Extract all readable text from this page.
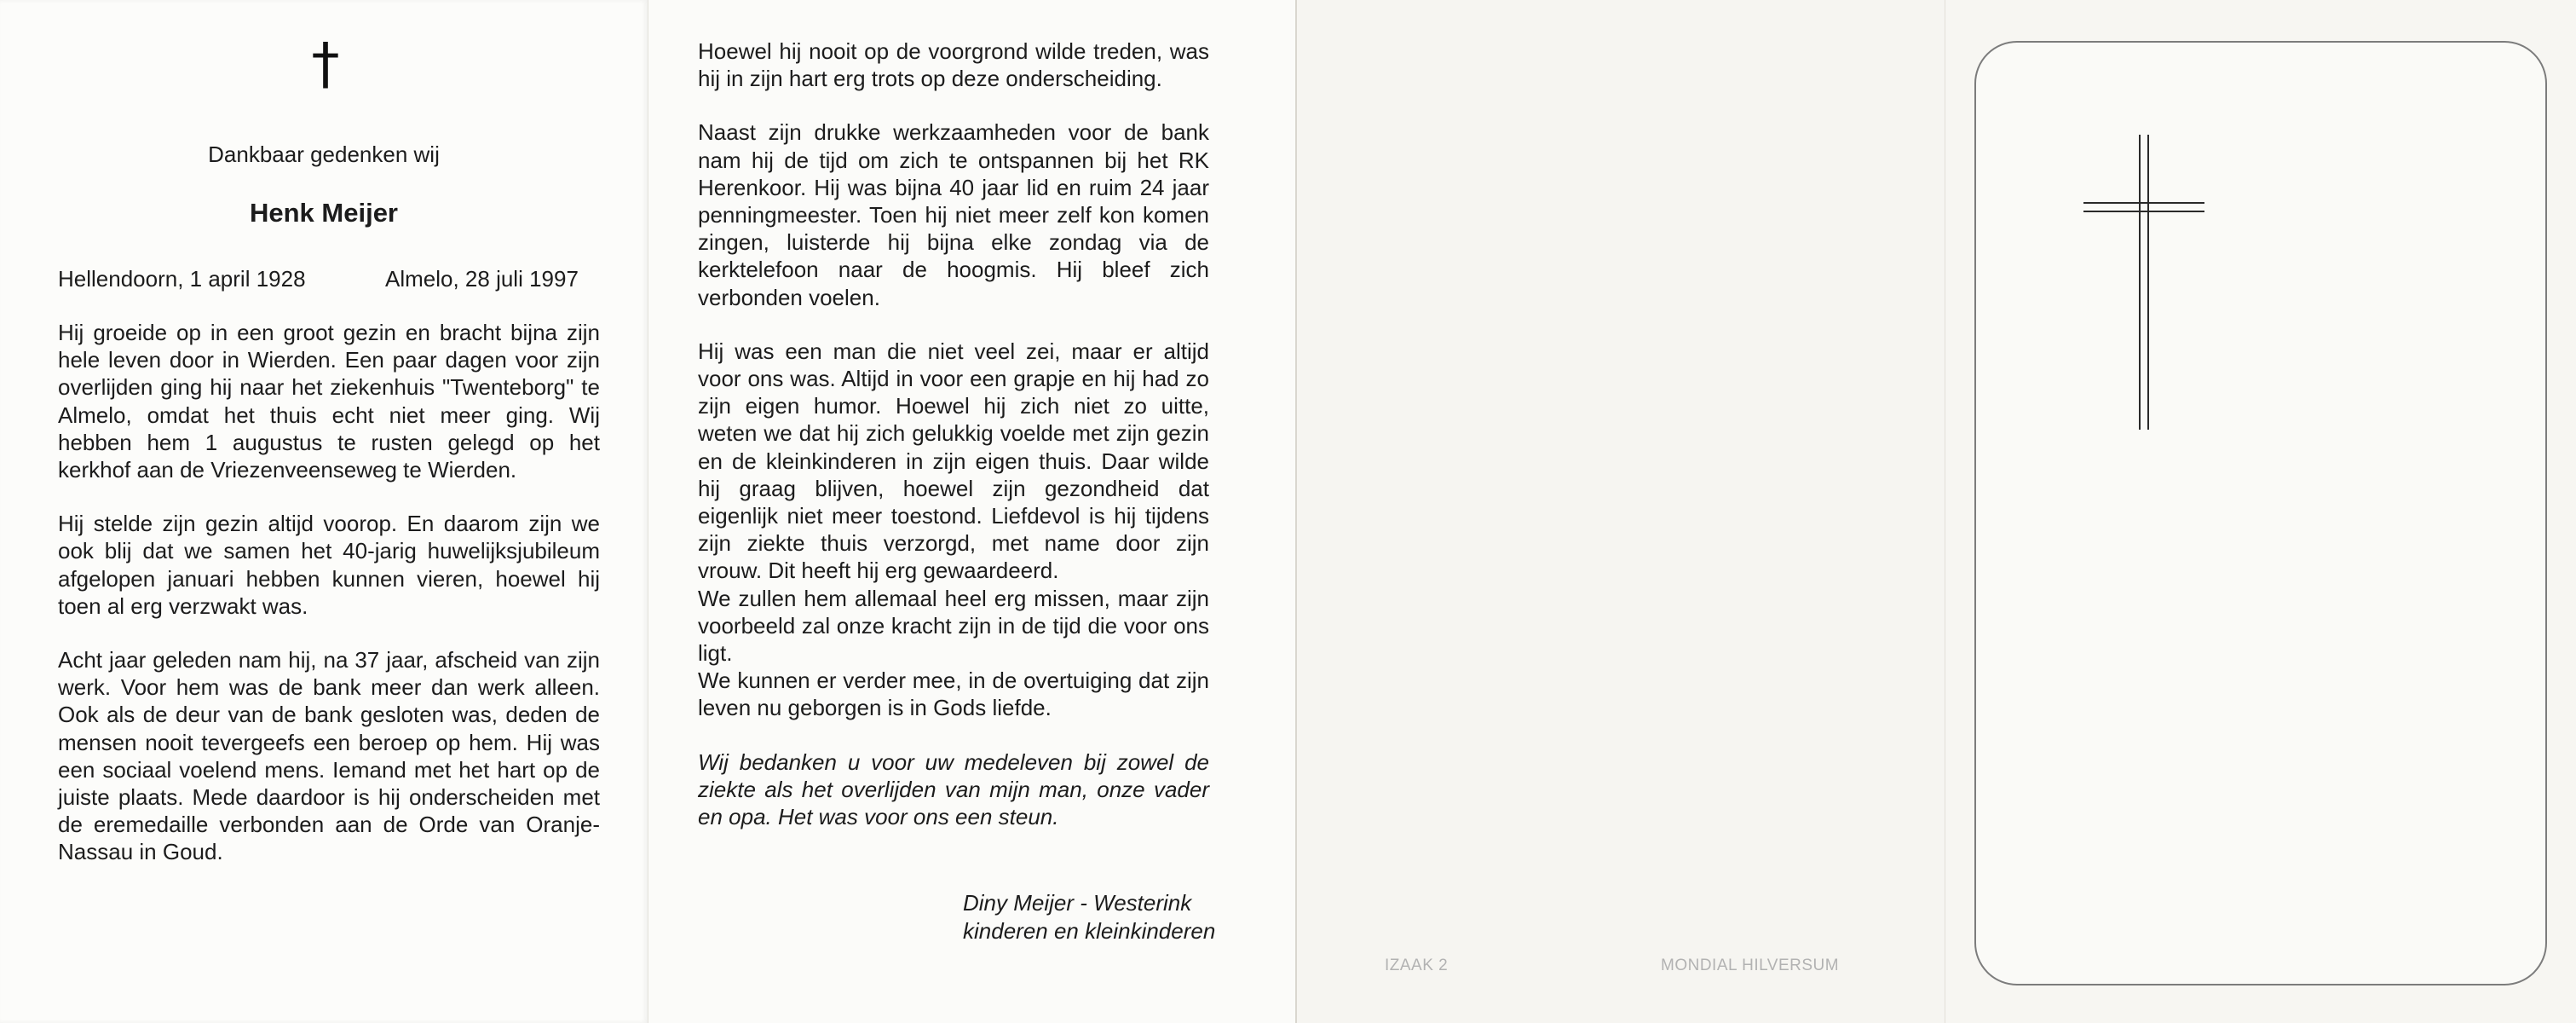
†
Dankbaar gedenken wij
Henk Meijer
Hellendoorn, 1 april 1928	Almelo, 28 juli 1997

Hij groeide op in een groot gezin en bracht bijna zijn hele leven door in Wierden. Een paar dagen voor zijn overlijden ging hij naar het ziekenhuis "Twenteborg" te Almelo, omdat het thuis echt niet meer ging. Wij hebben hem 1 augustus te rusten gelegd op het kerkhof aan de Vriezenveenseweg te Wierden.

Hij stelde zijn gezin altijd voorop. En daarom zijn we ook blij dat we samen het 40-jarig huwelijksjubileum afgelopen januari hebben kunnen vieren, hoewel hij toen al erg verzwakt was.

Acht jaar geleden nam hij, na 37 jaar, afscheid van zijn werk. Voor hem was de bank meer dan werk alleen. Ook als de deur van de bank gesloten was, deden de mensen nooit tevergeefs een beroep op hem. Hij was een sociaal voelend mens. Iemand met het hart op de juiste plaats. Mede daardoor is hij onderscheiden met de eremedaille verbonden aan de Orde van Oranje-Nassau in Goud.

Hoewel hij nooit op de voorgrond wilde treden, was hij in zijn hart erg trots op deze onderscheiding.

Naast zijn drukke werkzaamheden voor de bank nam hij de tijd om zich te ontspannen bij het RK Herenkoor. Hij was bijna 40 jaar lid en ruim 24 jaar penningmeester. Toen hij niet meer zelf kon komen zingen, luisterde hij bijna elke zondag via de kerktelefoon naar de hoogmis. Hij bleef zich verbonden voelen.

Hij was een man die niet veel zei, maar er altijd voor ons was. Altijd in voor een grapje en hij had zo zijn eigen humor. Hoewel hij zich niet zo uitte, weten we dat hij zich gelukkig voelde met zijn gezin en de kleinkinderen in zijn eigen thuis. Daar wilde hij graag blijven, hoewel zijn gezondheid dat eigenlijk niet meer toestond. Liefdevol is hij tijdens zijn ziekte thuis verzorgd, met name door zijn vrouw. Dit heeft hij erg gewaardeerd.

We zullen hem allemaal heel erg missen, maar zijn voorbeeld zal onze kracht zijn in de tijd die voor ons ligt.

We kunnen er verder mee, in de overtuiging dat zijn leven nu geborgen is in Gods liefde.

Wij bedanken u voor uw medeleven bij zowel de ziekte als het overlijden van mijn man, onze vader en opa. Het was voor ons een steun.

Diny Meijer - Westerink
kinderen en kleinkinderen
IZAAK 2	MONDIAL HILVERSUM
